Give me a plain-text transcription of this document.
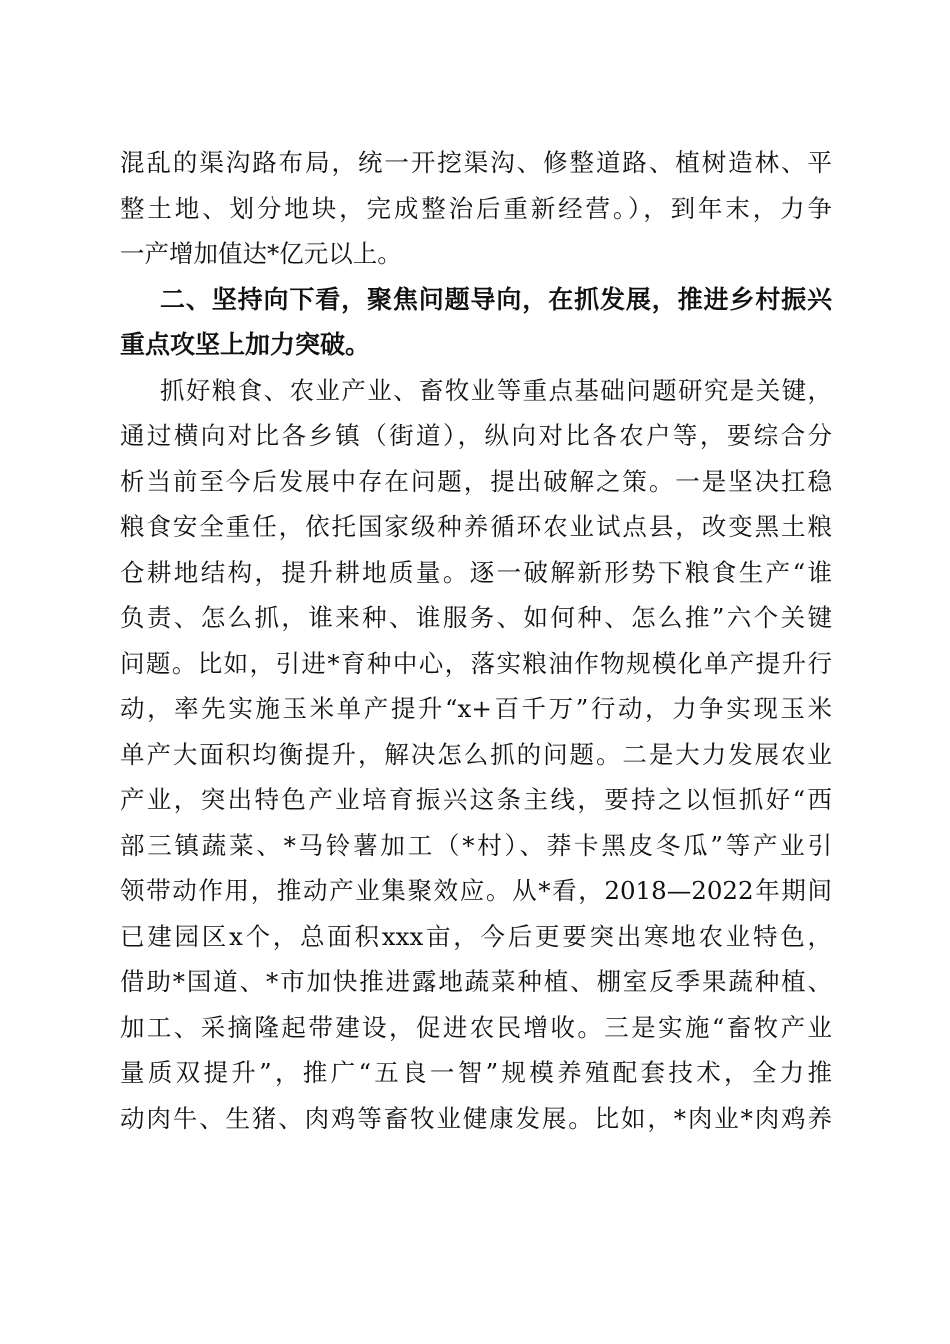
混乱的渠沟路布局，统一开挖渠沟、修整道路、植树造林、平
整土地、划分地块，完成整治后重新经营。），到年末，力争
一产增加值达*亿元以上。
二、坚持向下看，聚焦问题导向，在抓发展，推进乡村振兴
重点攻坚上加力突破。
抓好粮食、农业产业、畜牧业等重点基础问题研究是关键，
通过横向对比各乡镇（街道），纵向对比各农户等，要综合分
析当前至今后发展中存在问题，提出破解之策。一是坚决扛稳
粮食安全重任，依托国家级种养循环农业试点县，改变黑土粮
仓耕地结构，提升耕地质量。逐一破解新形势下粮食生产“谁
负责、怎么抓，谁来种、谁服务、如何种、怎么推”六个关键
问题。比如，引进*育种中心，落实粮油作物规模化单产提升行
动，率先实施玉米单产提升“x+百千万”行动，力争实现玉米
单产大面积均衡提升，解决怎么抓的问题。二是大力发展农业
产业，突出特色产业培育振兴这条主线，要持之以恒抓好“西
部三镇蔬菜、*马铃薯加工（*村）、莽卡黑皮冬瓜”等产业引
领带动作用，推动产业集聚效应。从*看，2018—2022年期间
已建园区x个，总面积xxx亩，今后更要突出寒地农业特色，
借助*国道、*市加快推进露地蔬菜种植、棚室反季果蔬种植、
加工、采摘隆起带建设，促进农民增收。三是实施“畜牧产业
量质双提升”，推广“五良一智”规模养殖配套技术，全力推
动肉牛、生猪、肉鸡等畜牧业健康发展。比如，*肉业*肉鸡养
